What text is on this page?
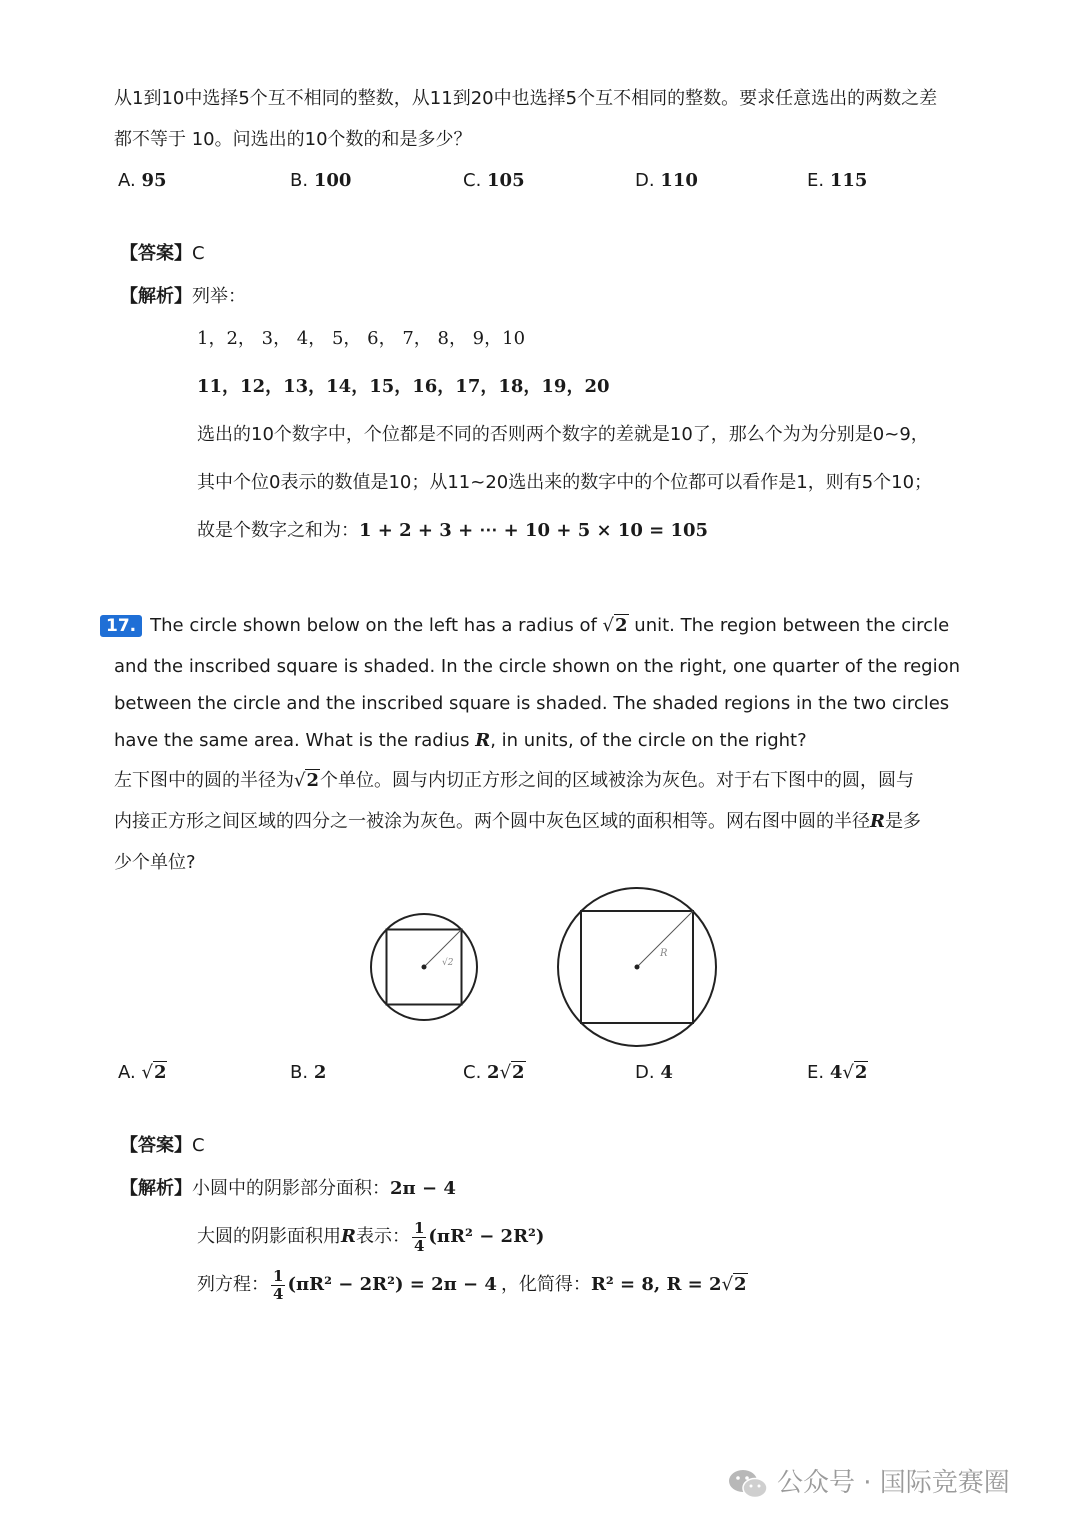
从1到10中选择5个互不相同的整数，从11到20中也选择5个互不相同的整数。要求任意选出的两数之差
都不等于 10。问选出的10个数的和是多少？
A. 95	B. 100	C. 105	D. 110	E. 115
【答案】C
【解析】列举：
1，2， 3， 4， 5， 6， 7， 8， 9，10
11，12，13，14，15，16，17，18，19，20
选出的10个数字中，个位都是不同的否则两个数字的差就是10了，那么个为为分别是0~9，
其中个位0表示的数值是10；从11~20选出来的数字中的个位都可以看作是1，则有5个10；
故是个数字之和为：1 + 2 + 3 + ⋯ + 10 + 5 × 10 = 105
17. The circle shown below on the left has a radius of √2 unit. The region between the circle
and the inscribed square is shaded. In the circle shown on the right, one quarter of the region
between the circle and the inscribed square is shaded. The shaded regions in the two circles
have the same area. What is the radius R, in units, of the circle on the right?
左下图中的圆的半径为√2个单位。圆与内切正方形之间的区域被涂为灰色。对于右下图中的圆，圆与
内接正方形之间区域的四分之一被涂为灰色。两个圆中灰色区域的面积相等。网右图中圆的半径R是多
少个单位?
√2
R
A. √2	B. 2	C. 2√2	D. 4	E. 4√2
【答案】C
【解析】小圆中的阴影部分面积：2π − 4
大圆的阴影面积用 R 表示： $\frac{1}{4} (\pi R^2 - 2R^2)$
列方程： $\frac{1}{4} (\pi R^2 - 2R^2) = 2\pi - 4$ ，化简得： R² = 8, R = 2 √2
公众号 · 国际竞赛圈
